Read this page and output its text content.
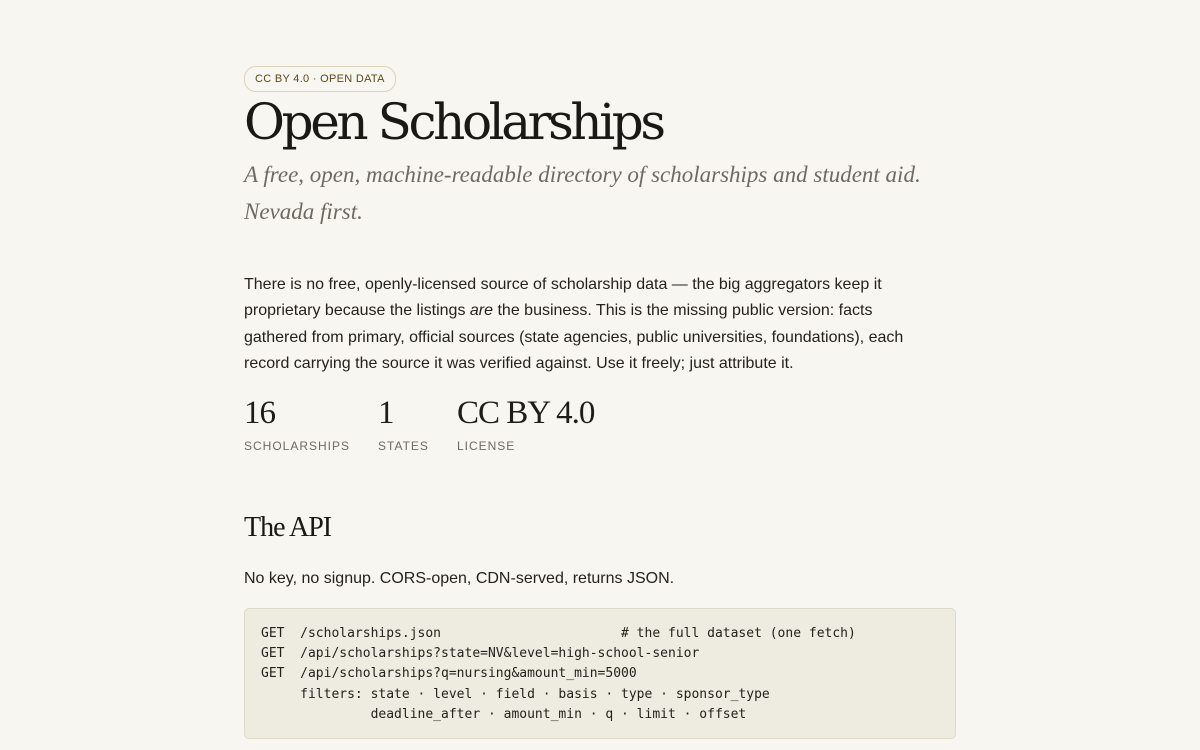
CC BY 4.0 · OPEN DATA
Open Scholarships

A free, open, machine-readable directory of scholarships and student aid. Nevada first.

There is no free, openly-licensed source of scholarship data — the big aggregators keep it proprietary because the listings are the business. This is the missing public version: facts gathered from primary, official sources (state agencies, public universities, foundations), each record carrying the source it was verified against. Use it freely; just attribute it.

16
SCHOLARSHIPS
1
STATES
CC BY 4.0
LICENSE
The API

No key, no signup. CORS-open, CDN-served, returns JSON.

GET  /scholarships.json                       # the full dataset (one fetch)
GET  /api/scholarships?state=NV&level=high-school-senior
GET  /api/scholarships?q=nursing&amount_min=5000
filters: state · level · field · basis · type · sponsor_type
deadline_after · amount_min · q · limit · offset
